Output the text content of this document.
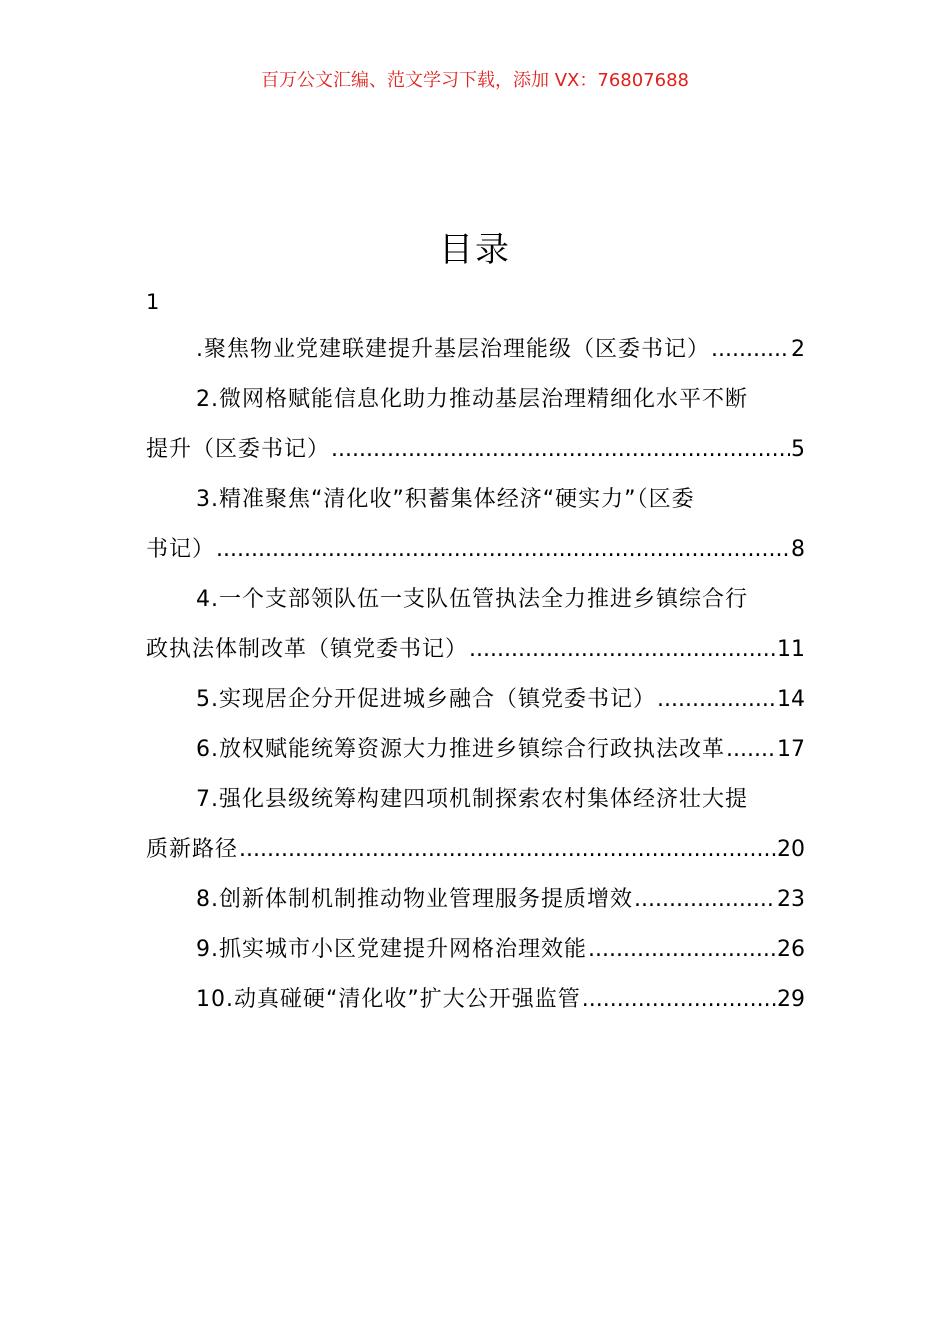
百万公文汇编、范文学习下载，添加 VX：76807688
目录
1
.聚焦物业党建联建提升基层治理能级（区委书记） .....	2
2.微网格赋能信息化助力推动基层治理精细化水平不断
提升（区委书记） .....	5
3.精准聚焦“清化收”积蓄集体经济“硬实力”（区委
书记） .....	8
4.一个支部领队伍一支队伍管执法全力推进乡镇综合行
政执法体制改革（镇党委书记） .....	11
5.实现居企分开促进城乡融合（镇党委书记） .....	14
6.放权赋能统筹资源大力推进乡镇综合行政执法改革 ..... 17
7.强化县级统筹构建四项机制探索农村集体经济壮大提
质新路径 .....	20
8.创新体制机制推动物业管理服务提质增效 .....	23
9.抓实城市小区党建提升网格治理效能 .....	26
10.动真碰硬“清化收”扩大公开强监管 .....	29
